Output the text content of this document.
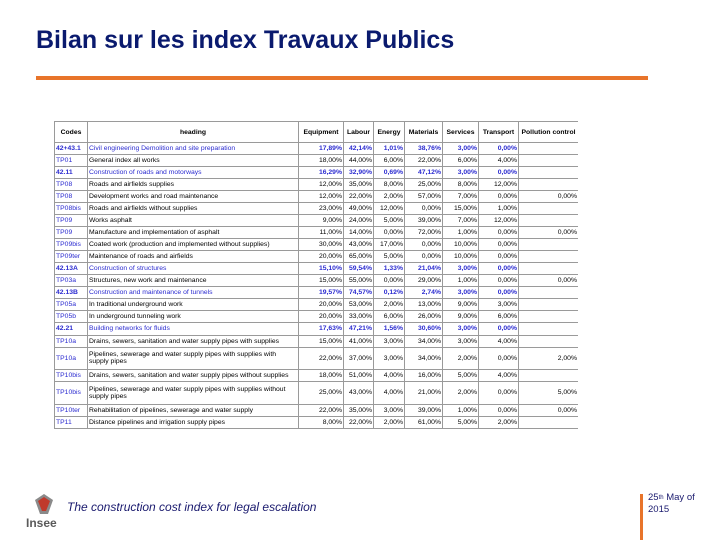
Bilan sur les index Travaux Publics
Codes	heading	Equipment	Labour	Energy	Materials	Services	Transport	Pollution control
42+43.1	Civil engineering Demolition and site preparation	17,89%	42,14%	1,01%	38,76%	3,00%	0,00%	
TP01	General index all works	18,00%	44,00%	6,00%	22,00%	6,00%	4,00%	
42.11	Construction of roads and motorways	16,29%	32,90%	0,69%	47,12%	3,00%	0,00%	
TP08	Roads and airfields supplies	12,00%	35,00%	8,00%	25,00%	8,00%	12,00%	
TP08	Development works and road maintenance	12,00%	22,00%	2,00%	57,00%	7,00%	0,00%	0,00%
TP08bis	Roads and airfields without supplies	23,00%	49,00%	12,00%	0,00%	15,00%	1,00%	
TP09	Works asphalt	9,00%	24,00%	5,00%	39,00%	7,00%	12,00%	
TP09	Manufacture and implementation of asphalt	11,00%	14,00%	0,00%	72,00%	1,00%	0,00%	0,00%
TP09bis	Coated work (production and implemented without supplies)	30,00%	43,00%	17,00%	0,00%	10,00%	0,00%	
TP09ter	Maintenance of roads and airfields	20,00%	65,00%	5,00%	0,00%	10,00%	0,00%	
42.13A	Construction of structures	15,10%	59,54%	1,33%	21,04%	3,00%	0,00%	
TP03a	Structures, new work and maintenance	15,00%	55,00%	0,00%	29,00%	1,00%	0,00%	0,00%
42.13B	Construction and maintenance of tunnels	19,57%	74,57%	0,12%	2,74%	3,00%	0,00%	
TP05a	In traditional underground work	20,00%	53,00%	2,00%	13,00%	9,00%	3,00%	
TP05b	In underground tunneling work	20,00%	33,00%	6,00%	26,00%	9,00%	6,00%	
42.21	Building networks for fluids	17,63%	47,21%	1,56%	30,60%	3,00%	0,00%	
TP10a	Drains, sewers, sanitation and water supply pipes with supplies	15,00%	41,00%	3,00%	34,00%	3,00%	4,00%	
TP10a	Pipelines, sewerage and water supply pipes with supplies with supply pipes	22,00%	37,00%	3,00%	34,00%	2,00%	0,00%	2,00%
TP10bis	Drains, sewers, sanitation and water supply pipes without supplies	18,00%	51,00%	4,00%	16,00%	5,00%	4,00%	
TP10bis	Pipelines, sewerage and water supply pipes with supplies without supply pipes	25,00%	43,00%	4,00%	21,00%	2,00%	0,00%	5,00%
TP10ter	Rehabilitation of pipelines, sewerage and water supply	22,00%	35,00%	3,00%	39,00%	1,00%	0,00%	0,00%
TP11	Distance pipelines and irrigation supply pipes	8,00%	22,00%	2,00%	61,00%	5,00%	2,00%	
Insee
The construction cost index for legal escalation
25th May of
2015
